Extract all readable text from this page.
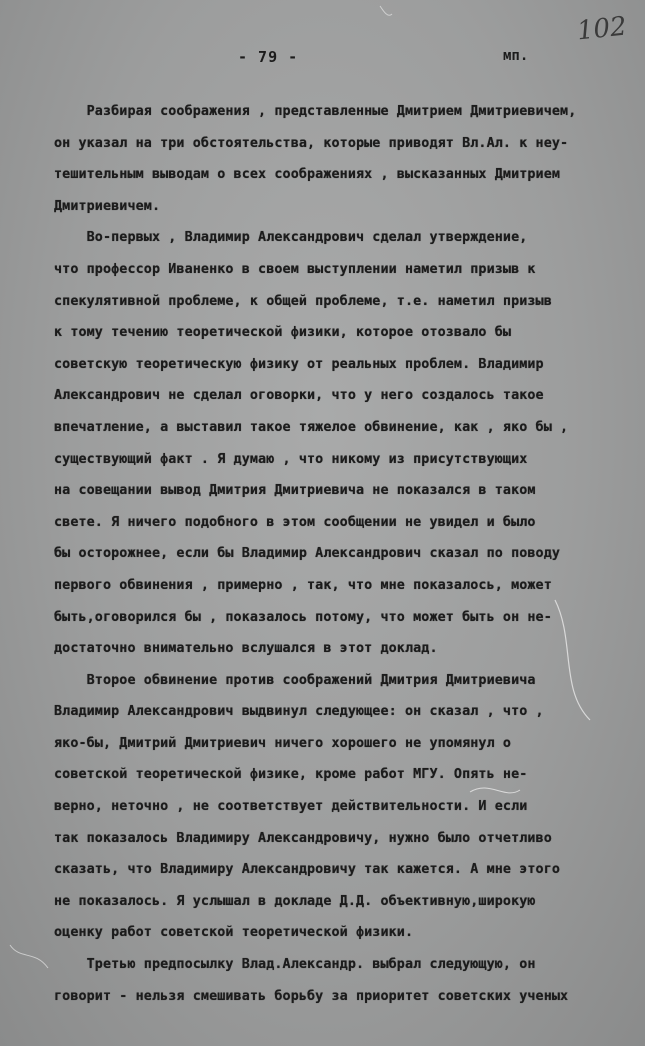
102
- 79 -	мп.
Разбирая соображения , представленные Дмитрием Дмитриевичем,
он указал на три обстоятельства, которые приводят Вл.Ал. к неу-
тешительным выводам о всех соображениях , высказанных Дмитрием
Дмитриевичем.
Во-первых , Владимир Александрович сделал утверждение,
что профессор Иваненко в своем выступлении наметил призыв к
спекулятивной проблеме, к общей проблеме, т.е. наметил призыв
к тому течению теоретической физики, которое отозвало бы
советскую теоретическую физику от реальных проблем. Владимир
Александрович не сделал оговорки, что у него создалось такое
впечатление, а выставил такое тяжелое обвинение, как , яко бы ,
существующий факт . Я думаю , что никому из присутствующих
на совещании вывод Дмитрия Дмитриевича не показался в таком
свете. Я ничего подобного в этом сообщении не увидел и было
бы осторожнее, если бы Владимир Александрович сказал по поводу
первого обвинения , примерно , так, что мне показалось, может
быть,оговорился бы , показалось потому, что может быть он не-
достаточно внимательно вслушался в этот доклад.
Второе обвинение против соображений Дмитрия Дмитриевича
Владимир Александрович выдвинул следующее: он сказал , что ,
яко-бы, Дмитрий Дмитриевич ничего хорошего не упомянул о
советской теоретической физике, кроме работ МГУ. Опять не-
верно, неточно , не соответствует действительности. И если
так показалось Владимиру Александровичу, нужно было отчетливо
сказать, что Владимиру Александровичу так кажется. А мне этого
не показалось. Я услышал в докладе Д.Д. объективную,широкую
оценку работ советской теоретической физики.
Третью предпосылку Влад.Александр. выбрал следующую, он
говорит - нельзя смешивать борьбу за приоритет советских ученых
